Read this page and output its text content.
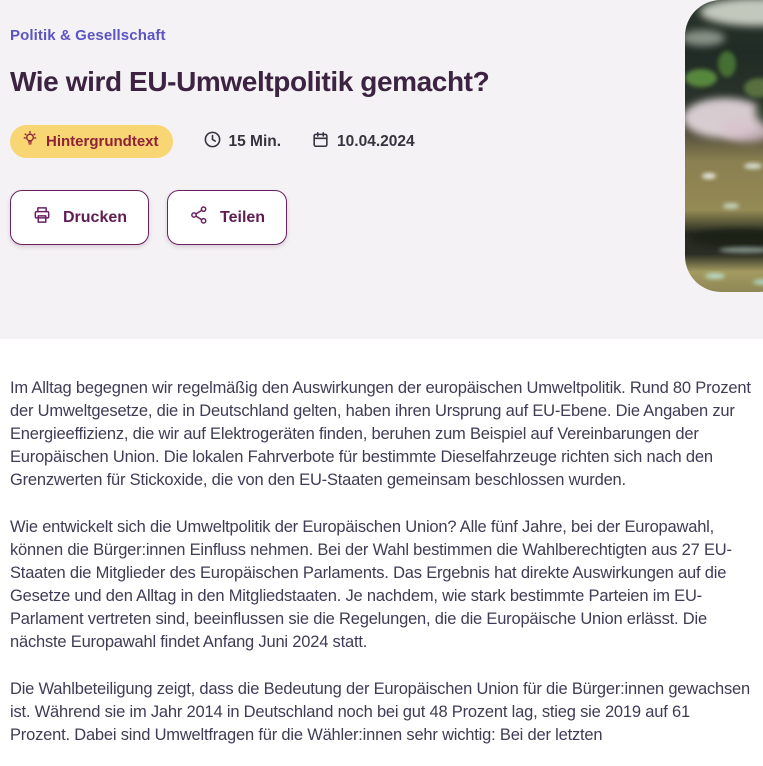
Politik & Gesellschaft
Wie wird EU-Umweltpolitik gemacht?
Hintergrundtext	15 Min.	10.04.2024
Drucken	Teilen

Im Alltag begegnen wir regelmäßig den Auswirkungen der europäischen Umweltpolitik. Rund 80 Prozent der Umweltgesetze, die in Deutschland gelten, haben ihren Ursprung auf EU-Ebene. Die Angaben zur Energieeffizienz, die wir auf Elektrogeräten finden, beruhen zum Beispiel auf Vereinbarungen der Europäischen Union. Die lokalen Fahrverbote für bestimmte Dieselfahrzeuge richten sich nach den Grenzwerten für Stickoxide, die von den EU-Staaten gemeinsam beschlossen wurden.

Wie entwickelt sich die Umweltpolitik der Europäischen Union? Alle fünf Jahre, bei der Europawahl, können die Bürger:innen Einfluss nehmen. Bei der Wahl bestimmen die Wahlberechtigten aus 27 EU-Staaten die Mitglieder des Europäischen Parlaments. Das Ergebnis hat direkte Auswirkungen auf die Gesetze und den Alltag in den Mitgliedstaaten. Je nachdem, wie stark bestimmte Parteien im EU-Parlament vertreten sind, beeinflussen sie die Regelungen, die die Europäische Union erlässt. Die nächste Europawahl findet Anfang Juni 2024 statt.

Die Wahlbeteiligung zeigt, dass die Bedeutung der Europäischen Union für die Bürger:innen gewachsen ist. Während sie im Jahr 2014 in Deutschland noch bei gut 48 Prozent lag, stieg sie 2019 auf 61 Prozent. Dabei sind Umweltfragen für die Wähler:innen sehr wichtig: Bei der letzten
